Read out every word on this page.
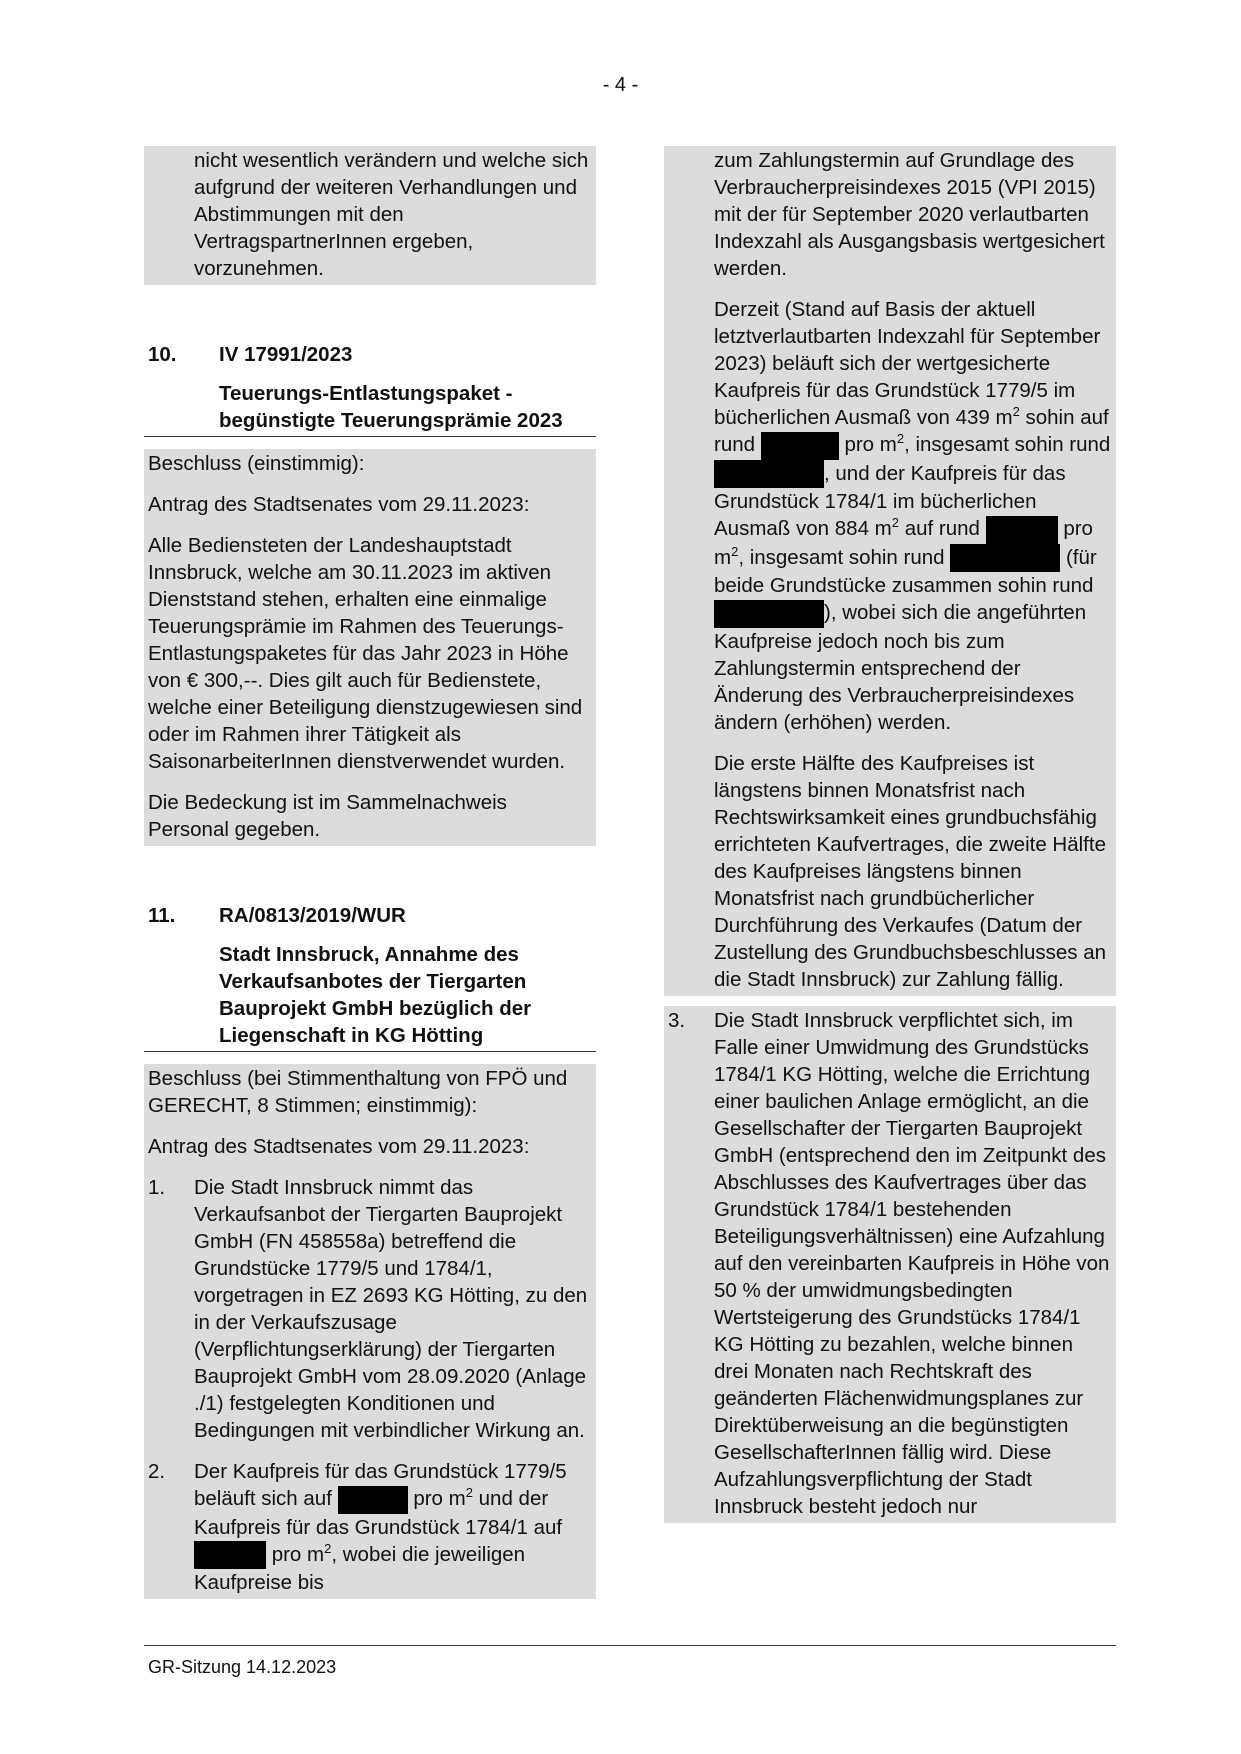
- 4 -
nicht wesentlich verändern und welche sich aufgrund der weiteren Verhandlungen und Abstimmungen mit den VertragspartnerInnen ergeben, vorzunehmen.
10.	IV 17991/2023
Teuerungs-Entlastungspaket - begünstigte Teuerungsprämie 2023
Beschluss (einstimmig):
Antrag des Stadtsenates vom 29.11.2023:
Alle Bediensteten der Landeshauptstadt Innsbruck, welche am 30.11.2023 im aktiven Dienststand stehen, erhalten eine einmalige Teuerungsprämie im Rahmen des Teuerungs-Entlastungspaketes für das Jahr 2023 in Höhe von € 300,--. Dies gilt auch für Bedienstete, welche einer Beteiligung dienstzugewiesen sind oder im Rahmen ihrer Tätigkeit als SaisonarbeiterInnen dienstverwendet wurden.
Die Bedeckung ist im Sammelnachweis Personal gegeben.
11.	RA/0813/2019/WUR
Stadt Innsbruck, Annahme des Verkaufsanbotes der Tiergarten Bauprojekt GmbH bezüglich der Liegenschaft in KG Hötting
Beschluss (bei Stimmenthaltung von FPÖ und GERECHT, 8 Stimmen; einstimmig):
Antrag des Stadtsenates vom 29.11.2023:
1.	Die Stadt Innsbruck nimmt das Verkaufsanbot der Tiergarten Bauprojekt GmbH (FN 458558a) betreffend die Grundstücke 1779/5 und 1784/1, vorgetragen in EZ 2693 KG Hötting, zu den in der Verkaufszusage (Verpflichtungserklärung) der Tiergarten Bauprojekt GmbH vom 28.09.2020 (Anlage ./1) festgelegten Konditionen und Bedingungen mit verbindlicher Wirkung an.
2.	Der Kaufpreis für das Grundstück 1779/5 beläuft sich auf	pro $m^2$ und der Kaufpreis für das Grundstück 1784/1 auf  pro $m^2$, wobei die jeweiligen Kaufpreise bis
zum Zahlungstermin auf Grundlage des Verbraucherpreisindexes 2015 (VPI 2015) mit der für September 2020 verlautbarten Indexzahl als Ausgangsbasis wertgesichert werden.
Derzeit (Stand auf Basis der aktuell letztverlautbarten Indexzahl für September 2023) beläuft sich der wertgesicherte Kaufpreis für das Grundstück 1779/5 im bücherlichen Ausmaß von 439 $m^2$ sohin auf rund	pro $m^2$, insgesamt sohin rund , und der Kaufpreis für das Grundstück 1784/1 im bücherlichen Ausmaß von 884 $m^2$ auf rund	pro $m^2$, insgesamt sohin rund	(für beide Grundstücke zusammen sohin rund ), wobei sich die angeführten Kaufpreise jedoch noch bis zum Zahlungstermin entsprechend der Änderung des Verbraucherpreisindexes ändern (erhöhen) werden.
Die erste Hälfte des Kaufpreises ist längstens binnen Monatsfrist nach Rechtswirksamkeit eines grundbuchsfähig errichteten Kaufvertrages, die zweite Hälfte des Kaufpreises längstens binnen Monatsfrist nach grundbücherlicher Durchführung des Verkaufes (Datum der Zustellung des Grundbuchsbeschlusses an die Stadt Innsbruck) zur Zahlung fällig.
3.	Die Stadt Innsbruck verpflichtet sich, im Falle einer Umwidmung des Grundstücks 1784/1 KG Hötting, welche die Errichtung einer baulichen Anlage ermöglicht, an die Gesellschafter der Tiergarten Bauprojekt GmbH (entsprechend den im Zeitpunkt des Abschlusses des Kaufvertrages über das Grundstück 1784/1 bestehenden Beteiligungsverhältnissen) eine Aufzahlung auf den vereinbarten Kaufpreis in Höhe von 50 % der umwidmungsbedingten Wertsteigerung des Grundstücks 1784/1 KG Hötting zu bezahlen, welche binnen drei Monaten nach Rechtskraft des geänderten Flächenwidmungsplanes zur Direktüberweisung an die begünstigten GesellschafterInnen fällig wird. Diese Aufzahlungsverpflichtung der Stadt Innsbruck besteht jedoch nur
GR-Sitzung 14.12.2023
